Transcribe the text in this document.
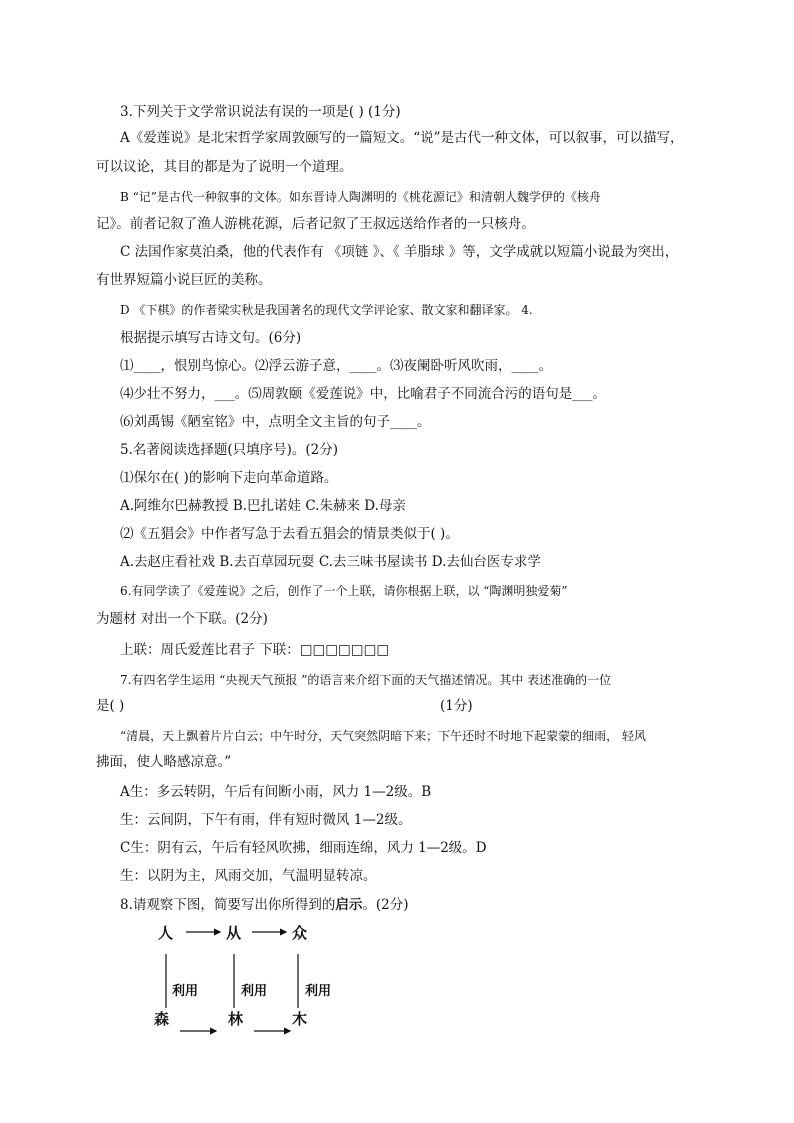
3.下列关于文学常识说法有误的一项是( ) (1分)
A《爱莲说》是北宋哲学家周敦颐写的一篇短文。“说”是古代一种文体，可以叙事，可以描写，
可以议论，其目的都是为了说明一个道理。
B “记”是古代一种叙事的文体。如东晋诗人陶渊明的《桃花源记》和清朝人魏学伊的《核舟
记》。前者记叙了渔人游桃花源，后者记叙了王叔远送给作者的一只核舟。
C 法国作家莫泊桑，他的代表作有 《项链 》、《 羊脂球 》等，文学成就以短篇小说最为突出，
有世界短篇小说巨匠的美称。
D 《下棋》的作者梁实秋是我国著名的现代文学评论家、散文家和翻译家。 4.
根据提示填写古诗文句。(6分)
⑴____，恨别鸟惊心。⑵浮云游子意，____。⑶夜阑卧听风吹雨，____。
⑷少壮不努力，___。⑸周敦颐《爱莲说》中，比喻君子不同流合污的语句是___。
⑹刘禹锡《陋室铭》中，点明全文主旨的句子____。
5.名著阅读选择题(只填序号)。(2分)
⑴保尔在( )的影响下走向革命道路。
A.阿维尔巴赫教授 B.巴扎诺娃 C.朱赫来 D.母亲
⑵《五猖会》中作者写急于去看五猖会的情景类似于( )。
A.去赵庄看社戏 B.去百草园玩耍 C.去三味书屋读书 D.去仙台医专求学
6.有同学读了《爱莲说》之后，创作了一个上联，请你根据上联，以 “陶渊明独爱菊”
为题材 对出一个下联。(2分)
上联：周氏爱莲比君子 下联：□□□□□□□
7.有四名学生运用 “央视天气预报 ”的语言来介绍下面的天气描述情况。其中 表述准确的一位
是( )	(1分)
“清晨，天上飘着片片白云；中午时分，天气突然阴暗下来；下午还时不时地下起蒙蒙的细雨， 轻风
拂面，使人略感凉意。”
A生：多云转阴，午后有间断小雨，风力 1—2级。B
生：云间阴，下午有雨，伴有短时微风 1—2级。
C生：阴有云，午后有轻风吹拂，细雨连绵，风力 1—2级。D
生：以阴为主，风雨交加，气温明显转凉。
8.请观察下图，简要写出你所得到的启示。(2分)
人	从	众
利用	利用	利用
森	林	木
